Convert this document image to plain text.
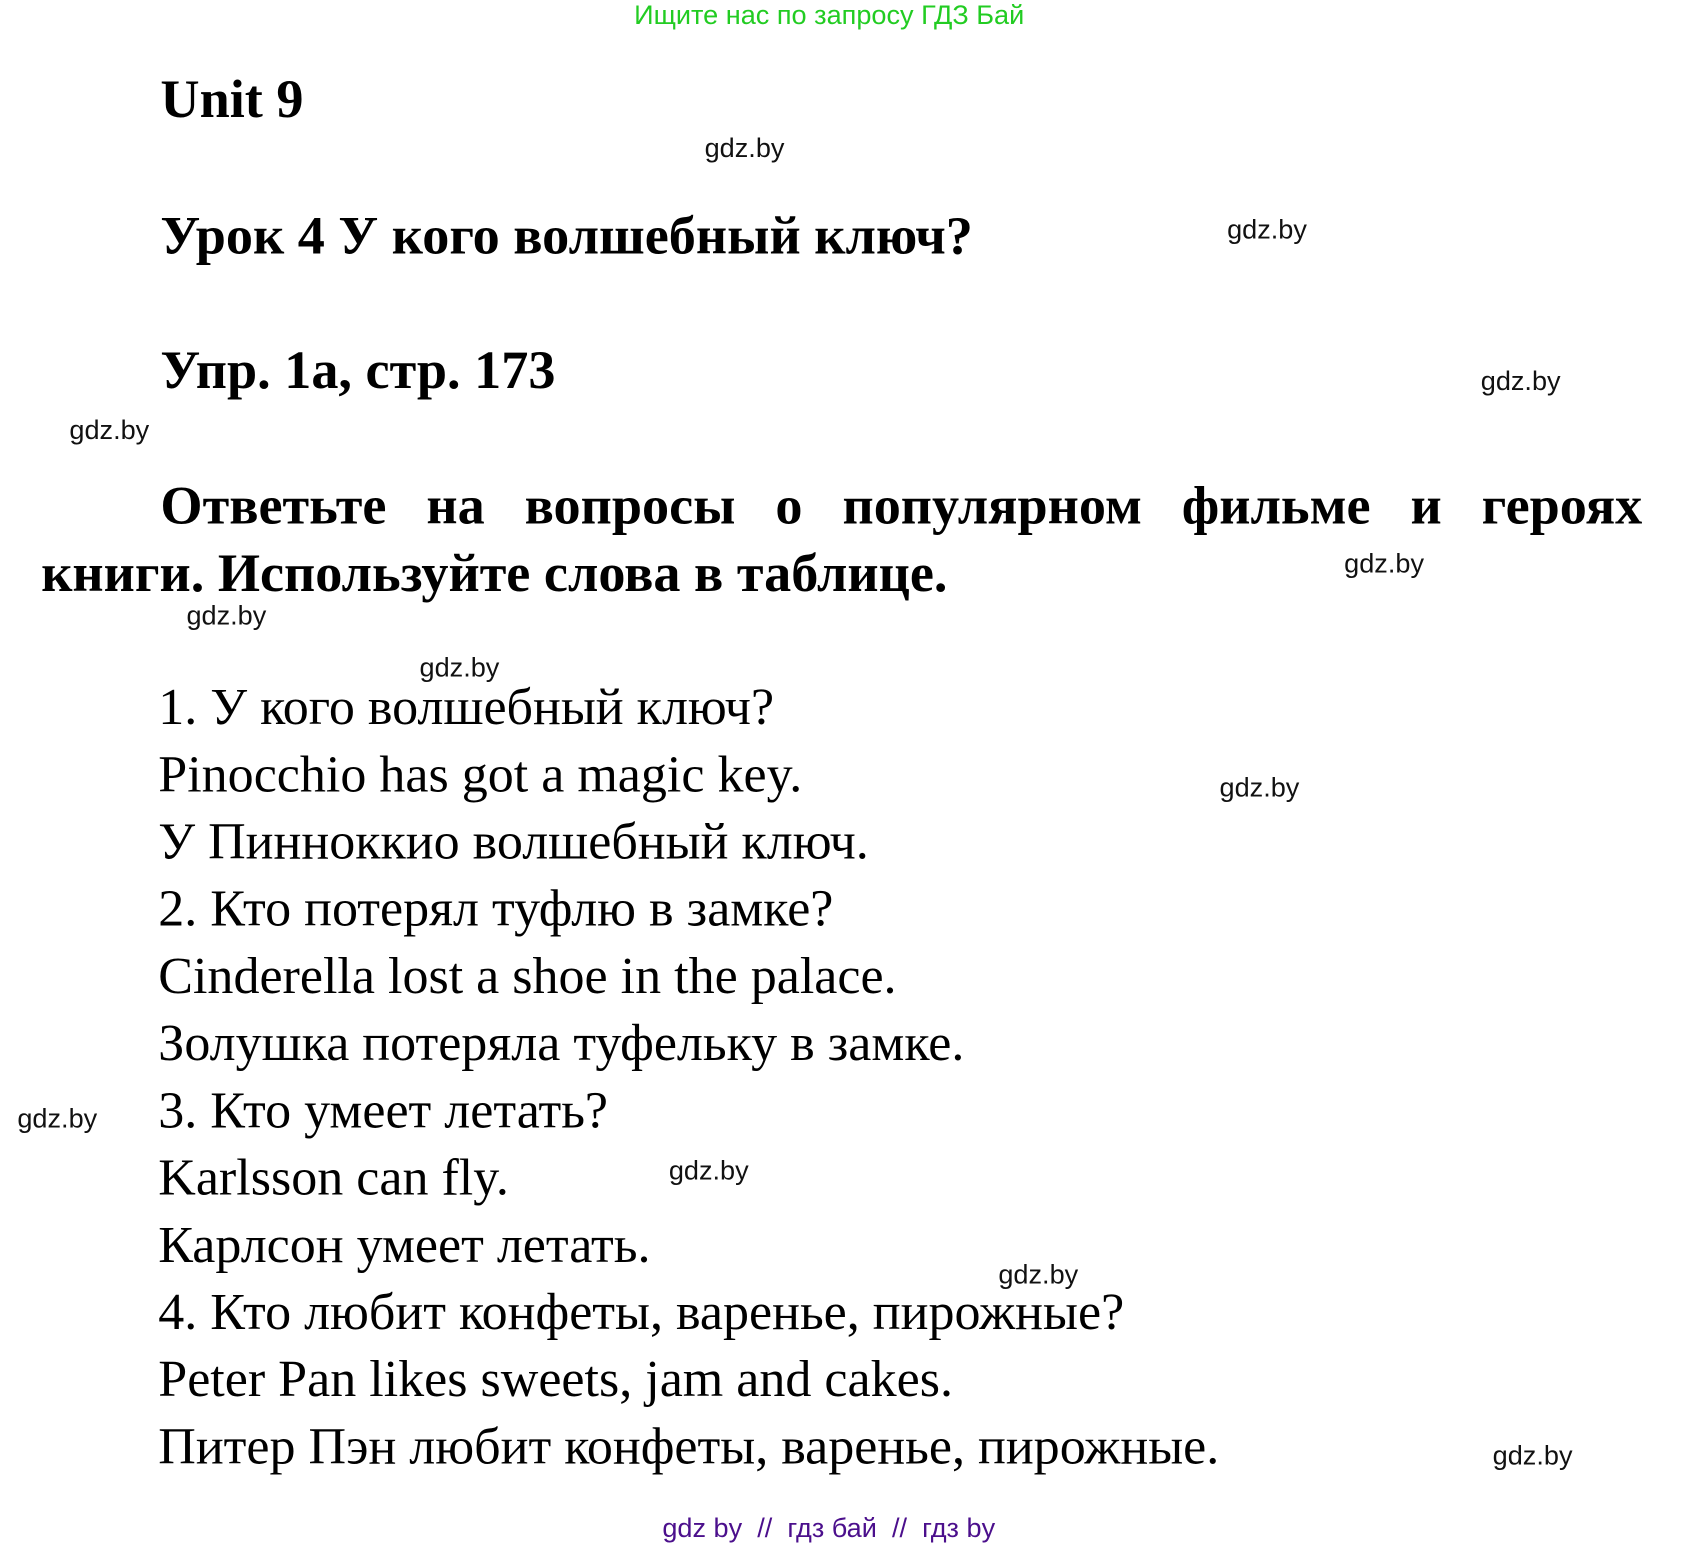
Ищите нас по запросу ГДЗ Бай
Unit 9
Урок 4 У кого волшебный ключ?
Упр. 1a, стр. 173
Ответьте на вопросы о популярном фильме и героях
книги. Используйте слова в таблице.
1. У кого волшебный ключ?
Pinocchio has got a magic key.
У Пинноккио волшебный ключ.
2. Кто потерял туфлю в замке?
Cinderella lost a shoe in the palace.
Золушка потеряла туфельку в замке.
3. Кто умеет летать?
Karlsson can fly.
Карлсон умеет летать.
4. Кто любит конфеты, варенье, пирожные?
Peter Pan likes sweets, jam and cakes.
Питер Пэн любит конфеты, варенье, пирожные.
gdz.by
gdz.by
gdz.by
gdz.by
gdz.by
gdz.by
gdz.by
gdz.by
gdz.by
gdz.by
gdz.by
gdz.by
gdz by  //  гдз бай  //  гдз by
